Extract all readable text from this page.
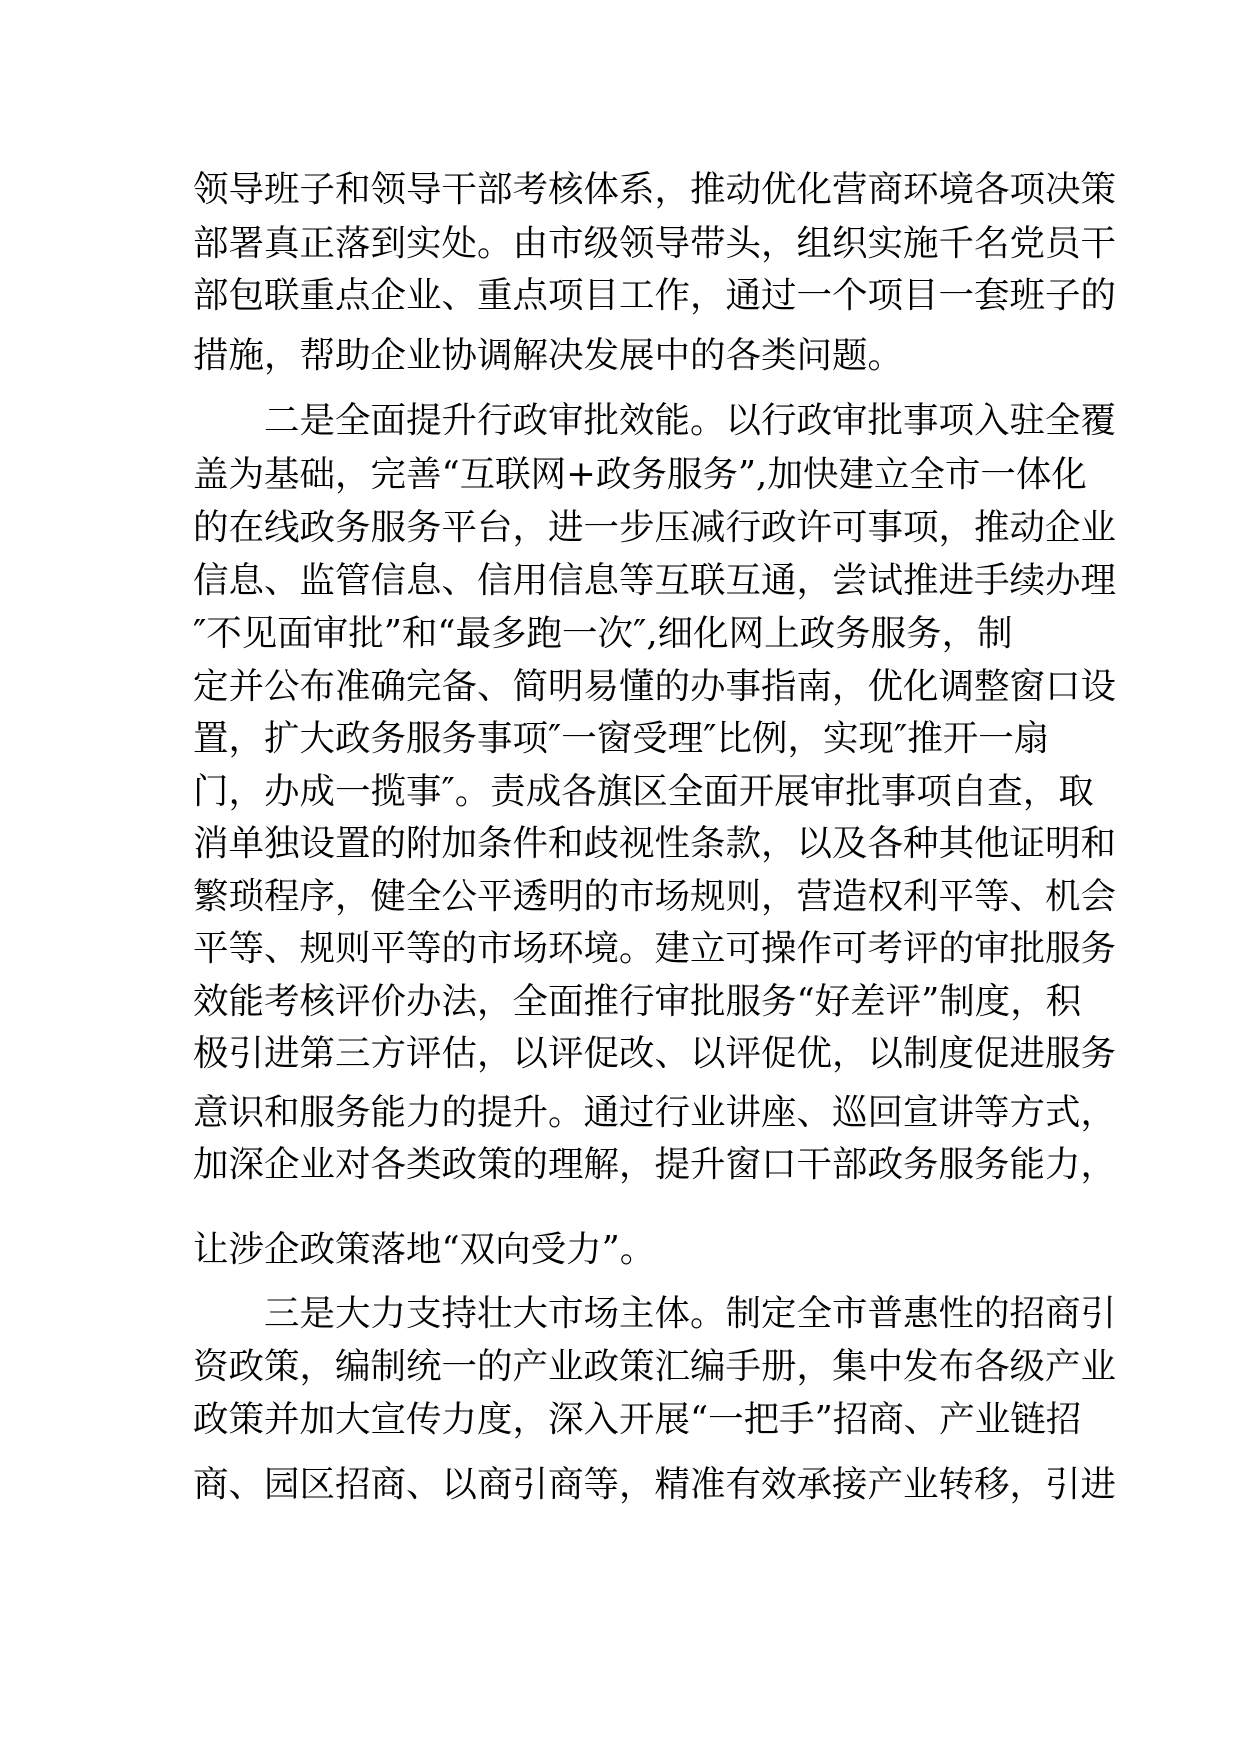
领导班子和领导干部考核体系，推动优化营商环境各项决策
部署真正落到实处。由市级领导带头，组织实施千名党员干
部包联重点企业、重点项目工作，通过一个项目一套班子的
措施，帮助企业协调解决发展中的各类问题。
　　二是全面提升行政审批效能。以行政审批事项入驻全覆
盖为基础，完善“互联网+政务服务”,加快建立全市一体化
的在线政务服务平台，进一步压减行政许可事项，推动企业
信息、监管信息、信用信息等互联互通，尝试推进手续办理
″不见面审批”和“最多跑一次″,细化网上政务服务，制
定并公布准确完备、简明易懂的办事指南，优化调整窗口设
置，扩大政务服务事项″一窗受理″比例，实现″推开一扇
门，办成一揽事″。责成各旗区全面开展审批事项自查，取
消单独设置的附加条件和歧视性条款，以及各种其他证明和
繁琐程序，健全公平透明的市场规则，营造权利平等、机会
平等、规则平等的市场环境。建立可操作可考评的审批服务
效能考核评价办法，全面推行审批服务“好差评”制度，积
极引进第三方评估，以评促改、以评促优，以制度促进服务
意识和服务能力的提升。通过行业讲座、巡回宣讲等方式，
加深企业对各类政策的理解，提升窗口干部政务服务能力，
让涉企政策落地“双向受力”。
　　三是大力支持壮大市场主体。制定全市普惠性的招商引
资政策，编制统一的产业政策汇编手册，集中发布各级产业
政策并加大宣传力度，深入开展“一把手”招商、产业链招
商、园区招商、以商引商等，精准有效承接产业转移，引进
